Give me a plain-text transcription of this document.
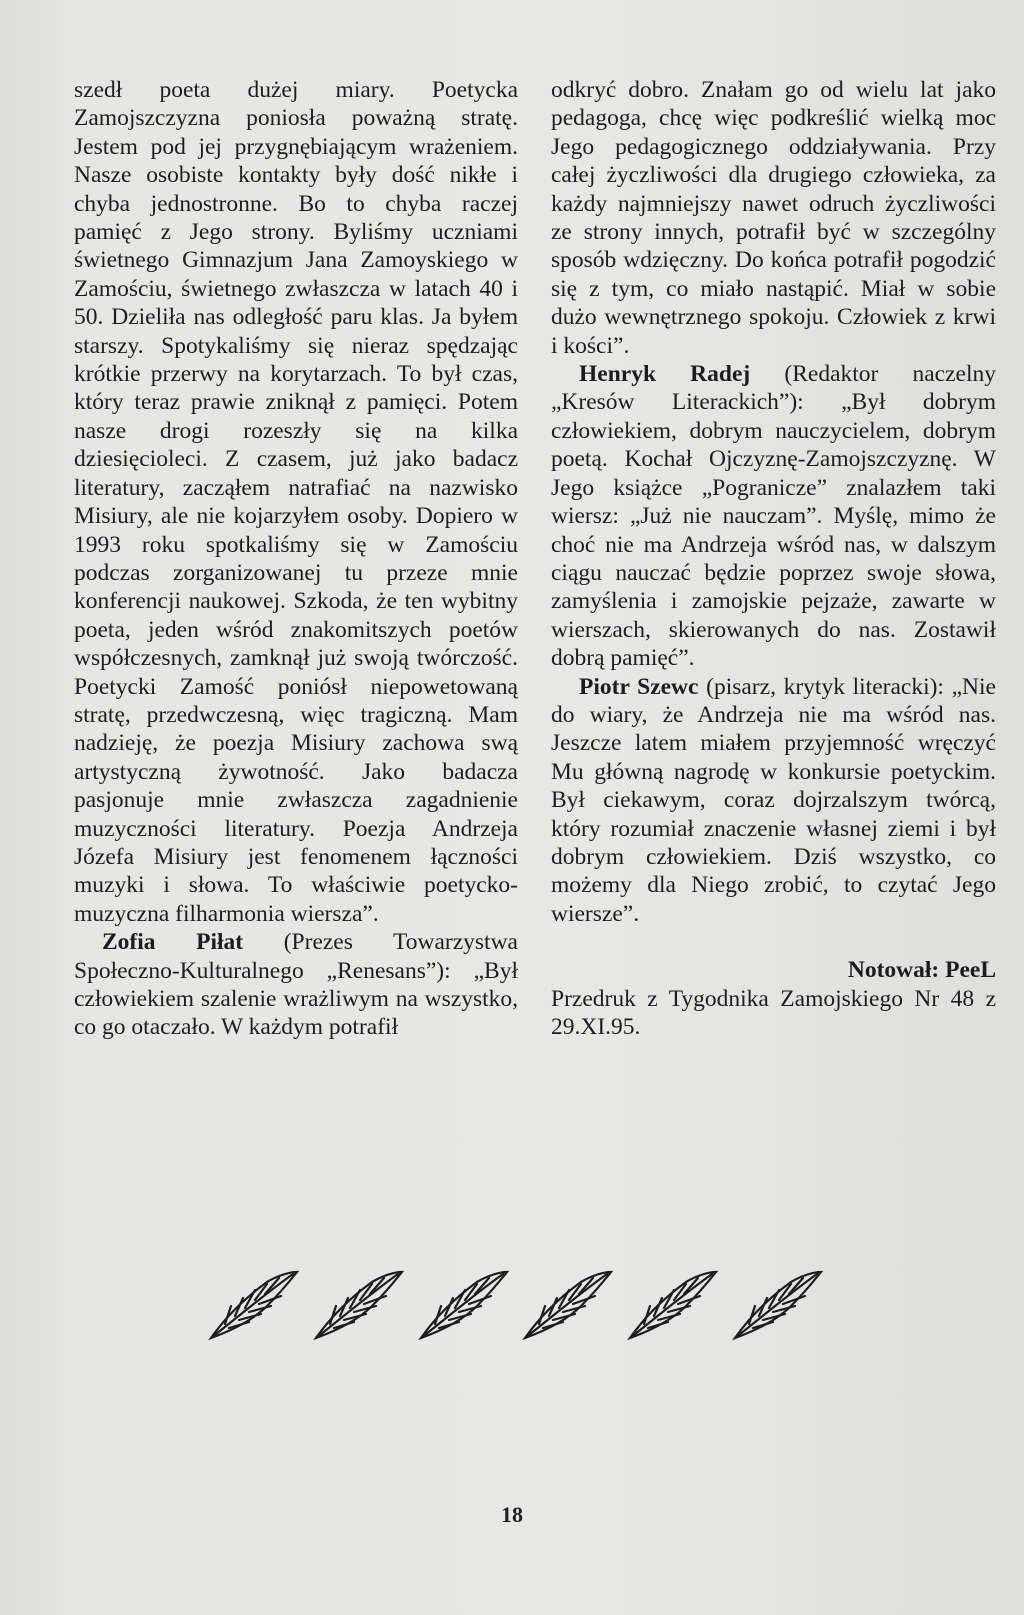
szedł poeta dużej miary. Poetycka Zamojszczyzna poniosła poważną stratę. Jestem pod jej przygnębiającym wrażeniem. Nasze osobiste kontakty były dość nikłe i chyba jednostronne. Bo to chyba raczej pamięć z Jego strony. Byliśmy uczniami świetnego Gimnazjum Jana Zamoyskiego w Zamościu, świetnego zwłaszcza w latach 40 i 50. Dzieliła nas odległość paru klas. Ja byłem starszy. Spotykaliśmy się nieraz spędzając krótkie przerwy na korytarzach. To był czas, który teraz prawie zniknął z pamięci. Potem nasze drogi rozeszły się na kilka dziesięcioleci. Z czasem, już jako badacz literatury, zacząłem natrafiać na nazwisko Misiury, ale nie kojarzyłem osoby. Dopiero w 1993 roku spotkaliśmy się w Zamościu podczas zorganizowanej tu przeze mnie konferencji naukowej. Szkoda, że ten wybitny poeta, jeden wśród znakomitszych poetów współczesnych, zamknął już swoją twórczość. Poetycki Zamość poniósł niepowetowaną stratę, przedwczesną, więc tragiczną. Mam nadzieję, że poezja Misiury zachowa swą artystyczną żywotność. Jako badacza pasjonuje mnie zwłaszcza zagadnienie muzyczności literatury. Poezja Andrzeja Józefa Misiury jest fenomenem łączności muzyki i słowa. To właściwie poetycko-muzyczna filharmonia wiersza”.

Zofia Piłat (Prezes Towarzystwa Społeczno-Kulturalnego „Renesans”): „Był człowiekiem szalenie wrażliwym na wszystko, co go otaczało. W każdym potrafił

odkryć dobro. Znałam go od wielu lat jako pedagoga, chcę więc podkreślić wielką moc Jego pedagogicznego oddziaływania. Przy całej życzliwości dla drugiego człowieka, za każdy najmniejszy nawet odruch życzliwości ze strony innych, potrafił być w szczególny sposób wdzięczny. Do końca potrafił pogodzić się z tym, co miało nastąpić. Miał w sobie dużo wewnętrznego spokoju. Człowiek z krwi i kości”.

Henryk Radej (Redaktor naczelny „Kresów Literackich”): „Był dobrym człowiekiem, dobrym nauczycielem, dobrym poetą. Kochał Ojczyznę-Zamojszczyznę. W Jego książce „Pogranicze” znalazłem taki wiersz: „Już nie nauczam”. Myślę, mimo że choć nie ma Andrzeja wśród nas, w dalszym ciągu nauczać będzie poprzez swoje słowa, zamyślenia i zamojskie pejzaże, zawarte w wierszach, skierowanych do nas. Zostawił dobrą pamięć”.

Piotr Szewc (pisarz, krytyk literacki): „Nie do wiary, że Andrzeja nie ma wśród nas. Jeszcze latem miałem przyjemność wręczyć Mu główną nagrodę w konkursie poetyckim. Był ciekawym, coraz dojrzalszym twórcą, który rozumiał znaczenie własnej ziemi i był dobrym człowiekiem. Dziś wszystko, co możemy dla Niego zrobić, to czytać Jego wiersze”.

Notował: PeeL

Przedruk z Tygodnika Zamojskiego Nr 48 z 29.XI.95.

18
